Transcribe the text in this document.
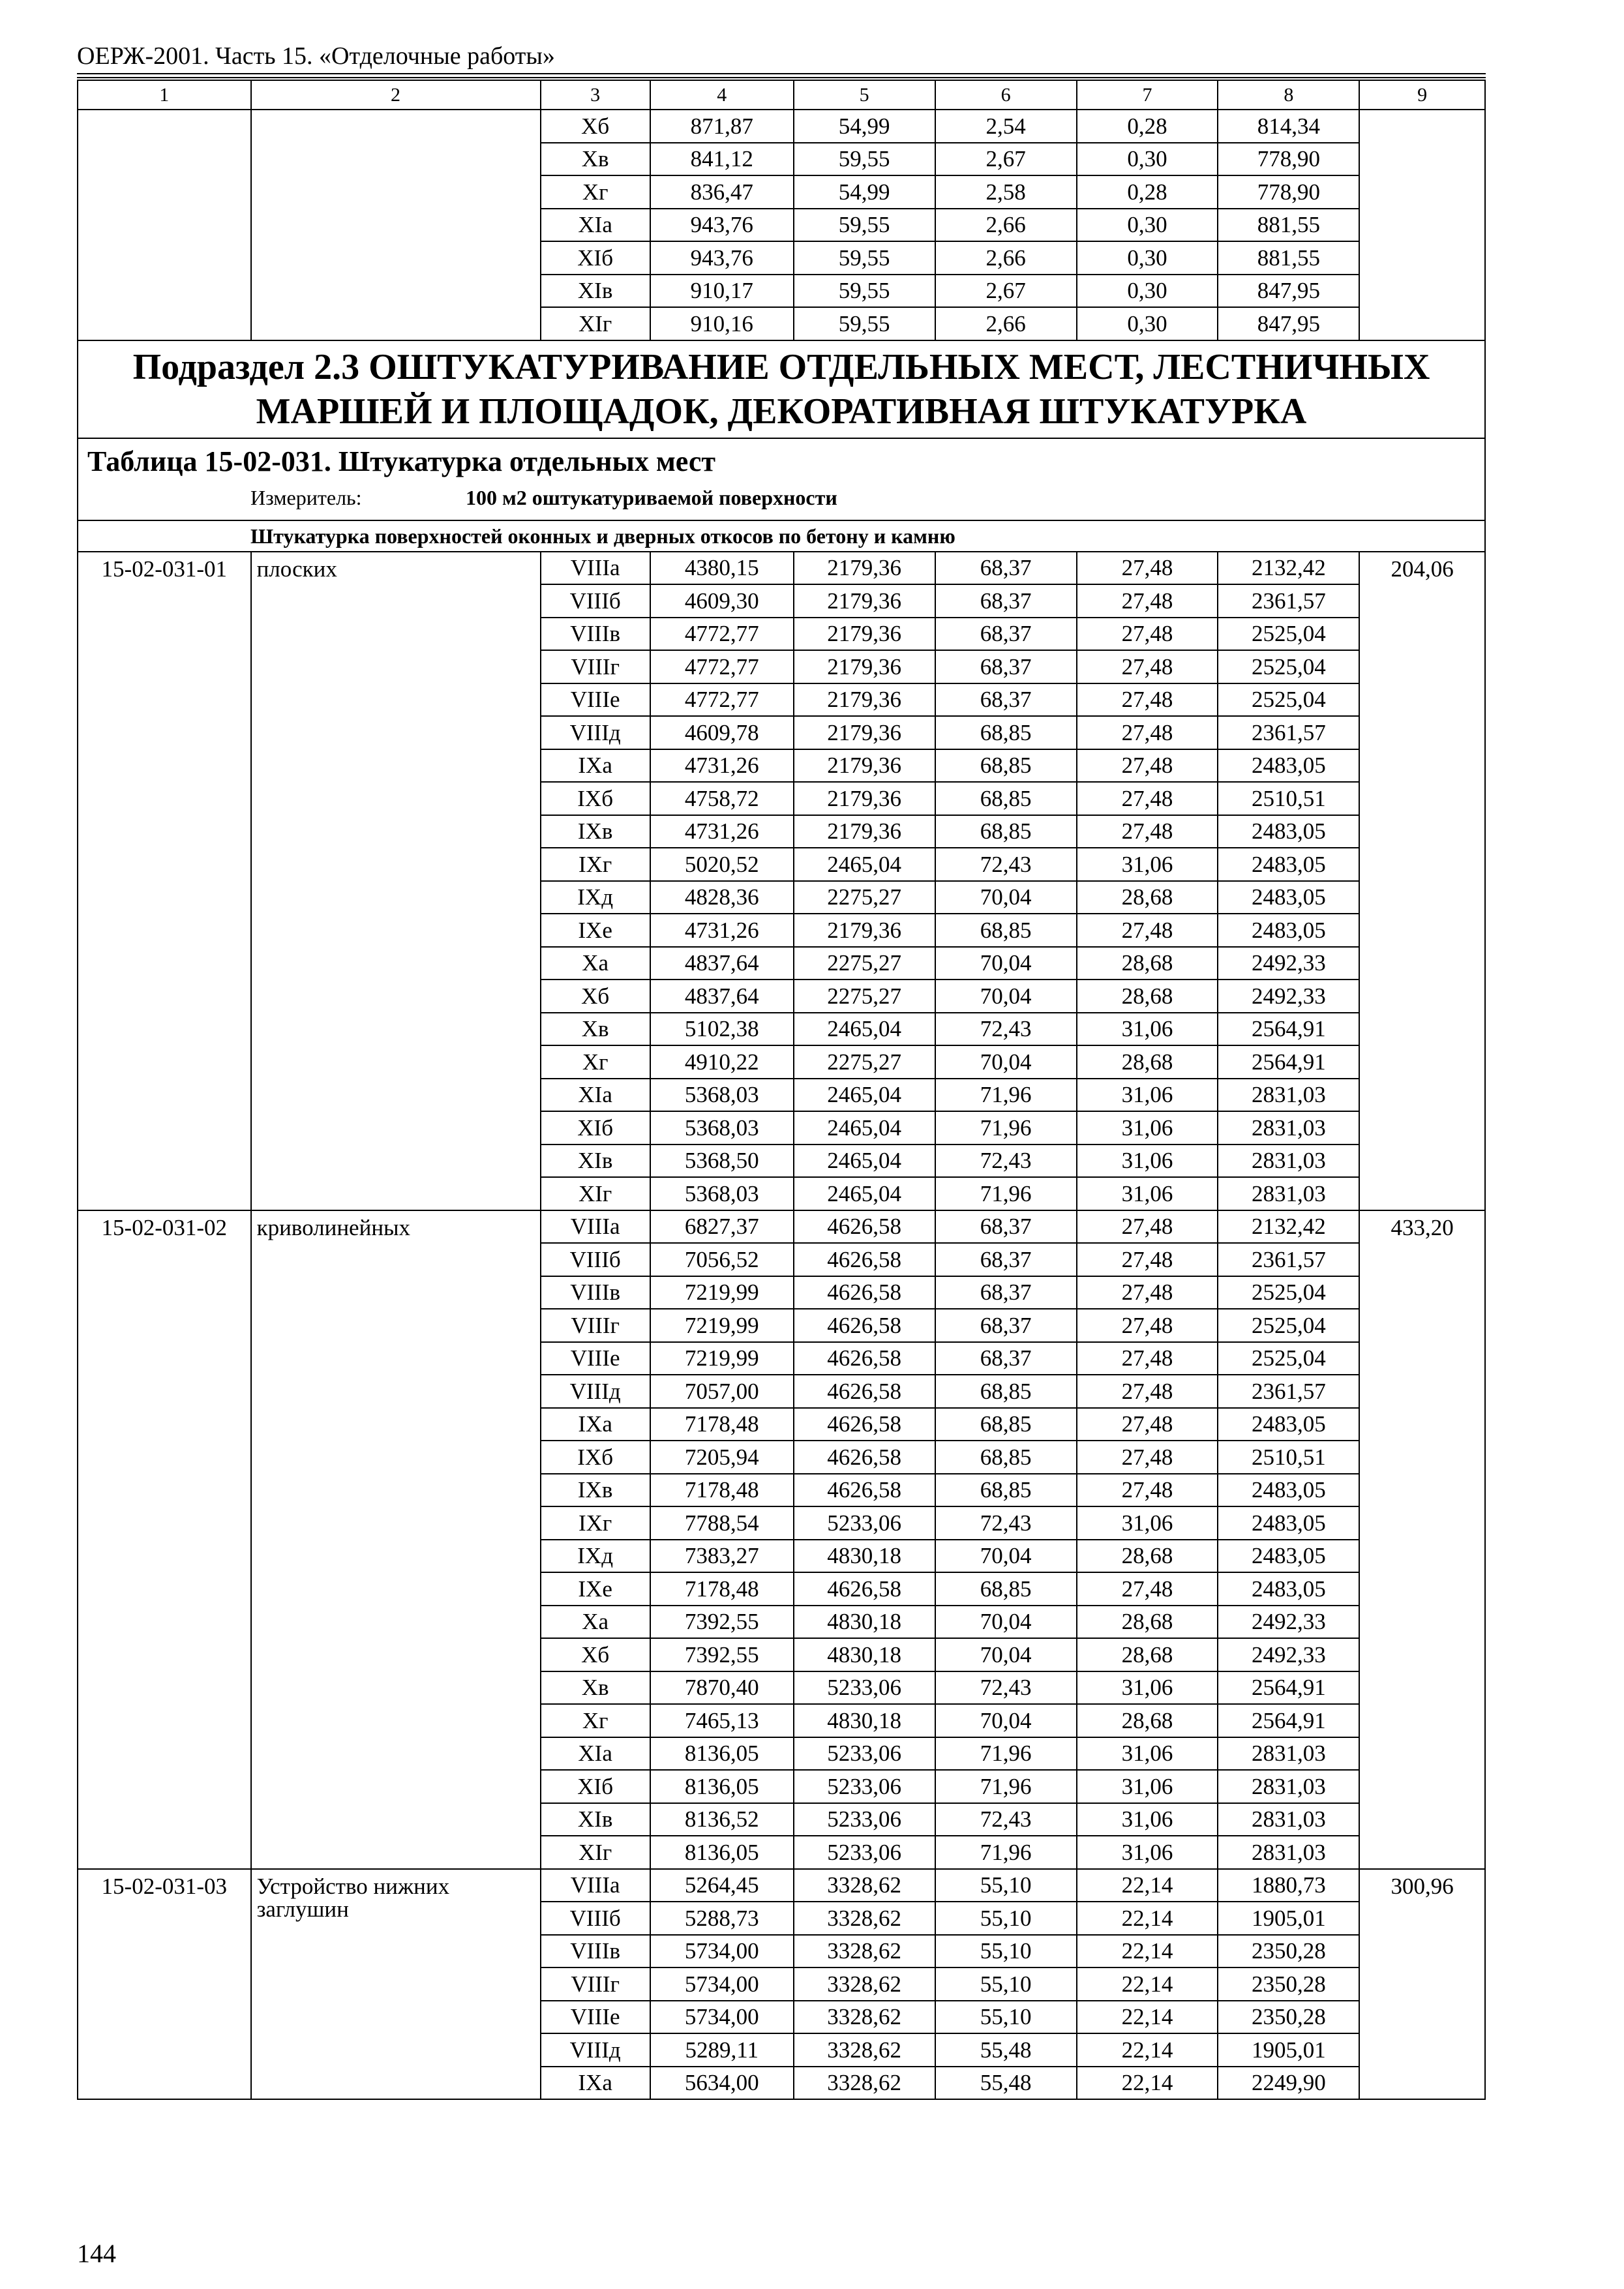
ОЕРЖ-2001. Часть 15. «Отделочные работы»
1	2	3	4	5	6	7	8	9
		Xб	871,87	54,99	2,54	0,28	814,34	
		Xв	841,12	59,55	2,67	0,30	778,90	
		Xг	836,47	54,99	2,58	0,28	778,90	
		XIа	943,76	59,55	2,66	0,30	881,55	
		XIб	943,76	59,55	2,66	0,30	881,55	
		XIв	910,17	59,55	2,67	0,30	847,95	
		XIг	910,16	59,55	2,66	0,30	847,95	

Подраздел 2.3 ОШТУКАТУРИВАНИЕ ОТДЕЛЬНЫХ МЕСТ, ЛЕСТНИЧНЫХ
МАРШЕЙ И ПЛОЩАДОК, ДЕКОРАТИВНАЯ ШТУКАТУРКА								

Таблица 15-02-031. Штукатурка отдельных мест
Измеритель: 100 м2 оштукатуриваемой поверхности								

Штукатурка поверхностей оконных и дверных откосов по бетону и камню								
15-02-031-01	плоских	VIIIа	4380,15	2179,36	68,37	27,48	2132,42	204,06
		VIIIб	4609,30	2179,36	68,37	27,48	2361,57	
		VIIIв	4772,77	2179,36	68,37	27,48	2525,04	
		VIIIг	4772,77	2179,36	68,37	27,48	2525,04	
		VIIIе	4772,77	2179,36	68,37	27,48	2525,04	
		VIIIд	4609,78	2179,36	68,85	27,48	2361,57	
		IXа	4731,26	2179,36	68,85	27,48	2483,05	
		IXб	4758,72	2179,36	68,85	27,48	2510,51	
		IXв	4731,26	2179,36	68,85	27,48	2483,05	
		IXг	5020,52	2465,04	72,43	31,06	2483,05	
		IXд	4828,36	2275,27	70,04	28,68	2483,05	
		IXе	4731,26	2179,36	68,85	27,48	2483,05	
		Xа	4837,64	2275,27	70,04	28,68	2492,33	
		Xб	4837,64	2275,27	70,04	28,68	2492,33	
		Xв	5102,38	2465,04	72,43	31,06	2564,91	
		Xг	4910,22	2275,27	70,04	28,68	2564,91	
		XIа	5368,03	2465,04	71,96	31,06	2831,03	
		XIб	5368,03	2465,04	71,96	31,06	2831,03	
		XIв	5368,50	2465,04	72,43	31,06	2831,03	
		XIг	5368,03	2465,04	71,96	31,06	2831,03	
15-02-031-02	криволинейных	VIIIа	6827,37	4626,58	68,37	27,48	2132,42	433,20
		VIIIб	7056,52	4626,58	68,37	27,48	2361,57	
		VIIIв	7219,99	4626,58	68,37	27,48	2525,04	
		VIIIг	7219,99	4626,58	68,37	27,48	2525,04	
		VIIIе	7219,99	4626,58	68,37	27,48	2525,04	
		VIIIд	7057,00	4626,58	68,85	27,48	2361,57	
		IXа	7178,48	4626,58	68,85	27,48	2483,05	
		IXб	7205,94	4626,58	68,85	27,48	2510,51	
		IXв	7178,48	4626,58	68,85	27,48	2483,05	
		IXг	7788,54	5233,06	72,43	31,06	2483,05	
		IXд	7383,27	4830,18	70,04	28,68	2483,05	
		IXе	7178,48	4626,58	68,85	27,48	2483,05	
		Xа	7392,55	4830,18	70,04	28,68	2492,33	
		Xб	7392,55	4830,18	70,04	28,68	2492,33	
		Xв	7870,40	5233,06	72,43	31,06	2564,91	
		Xг	7465,13	4830,18	70,04	28,68	2564,91	
		XIа	8136,05	5233,06	71,96	31,06	2831,03	
		XIб	8136,05	5233,06	71,96	31,06	2831,03	
		XIв	8136,52	5233,06	72,43	31,06	2831,03	
		XIг	8136,05	5233,06	71,96	31,06	2831,03	
15-02-031-03	Устройство нижних заглушин	VIIIа	5264,45	3328,62	55,10	22,14	1880,73	300,96
		VIIIб	5288,73	3328,62	55,10	22,14	1905,01	
		VIIIв	5734,00	3328,62	55,10	22,14	2350,28	
		VIIIг	5734,00	3328,62	55,10	22,14	2350,28	
		VIIIе	5734,00	3328,62	55,10	22,14	2350,28	
		VIIIд	5289,11	3328,62	55,48	22,14	1905,01	
		IXа	5634,00	3328,62	55,48	22,14	2249,90	
144
